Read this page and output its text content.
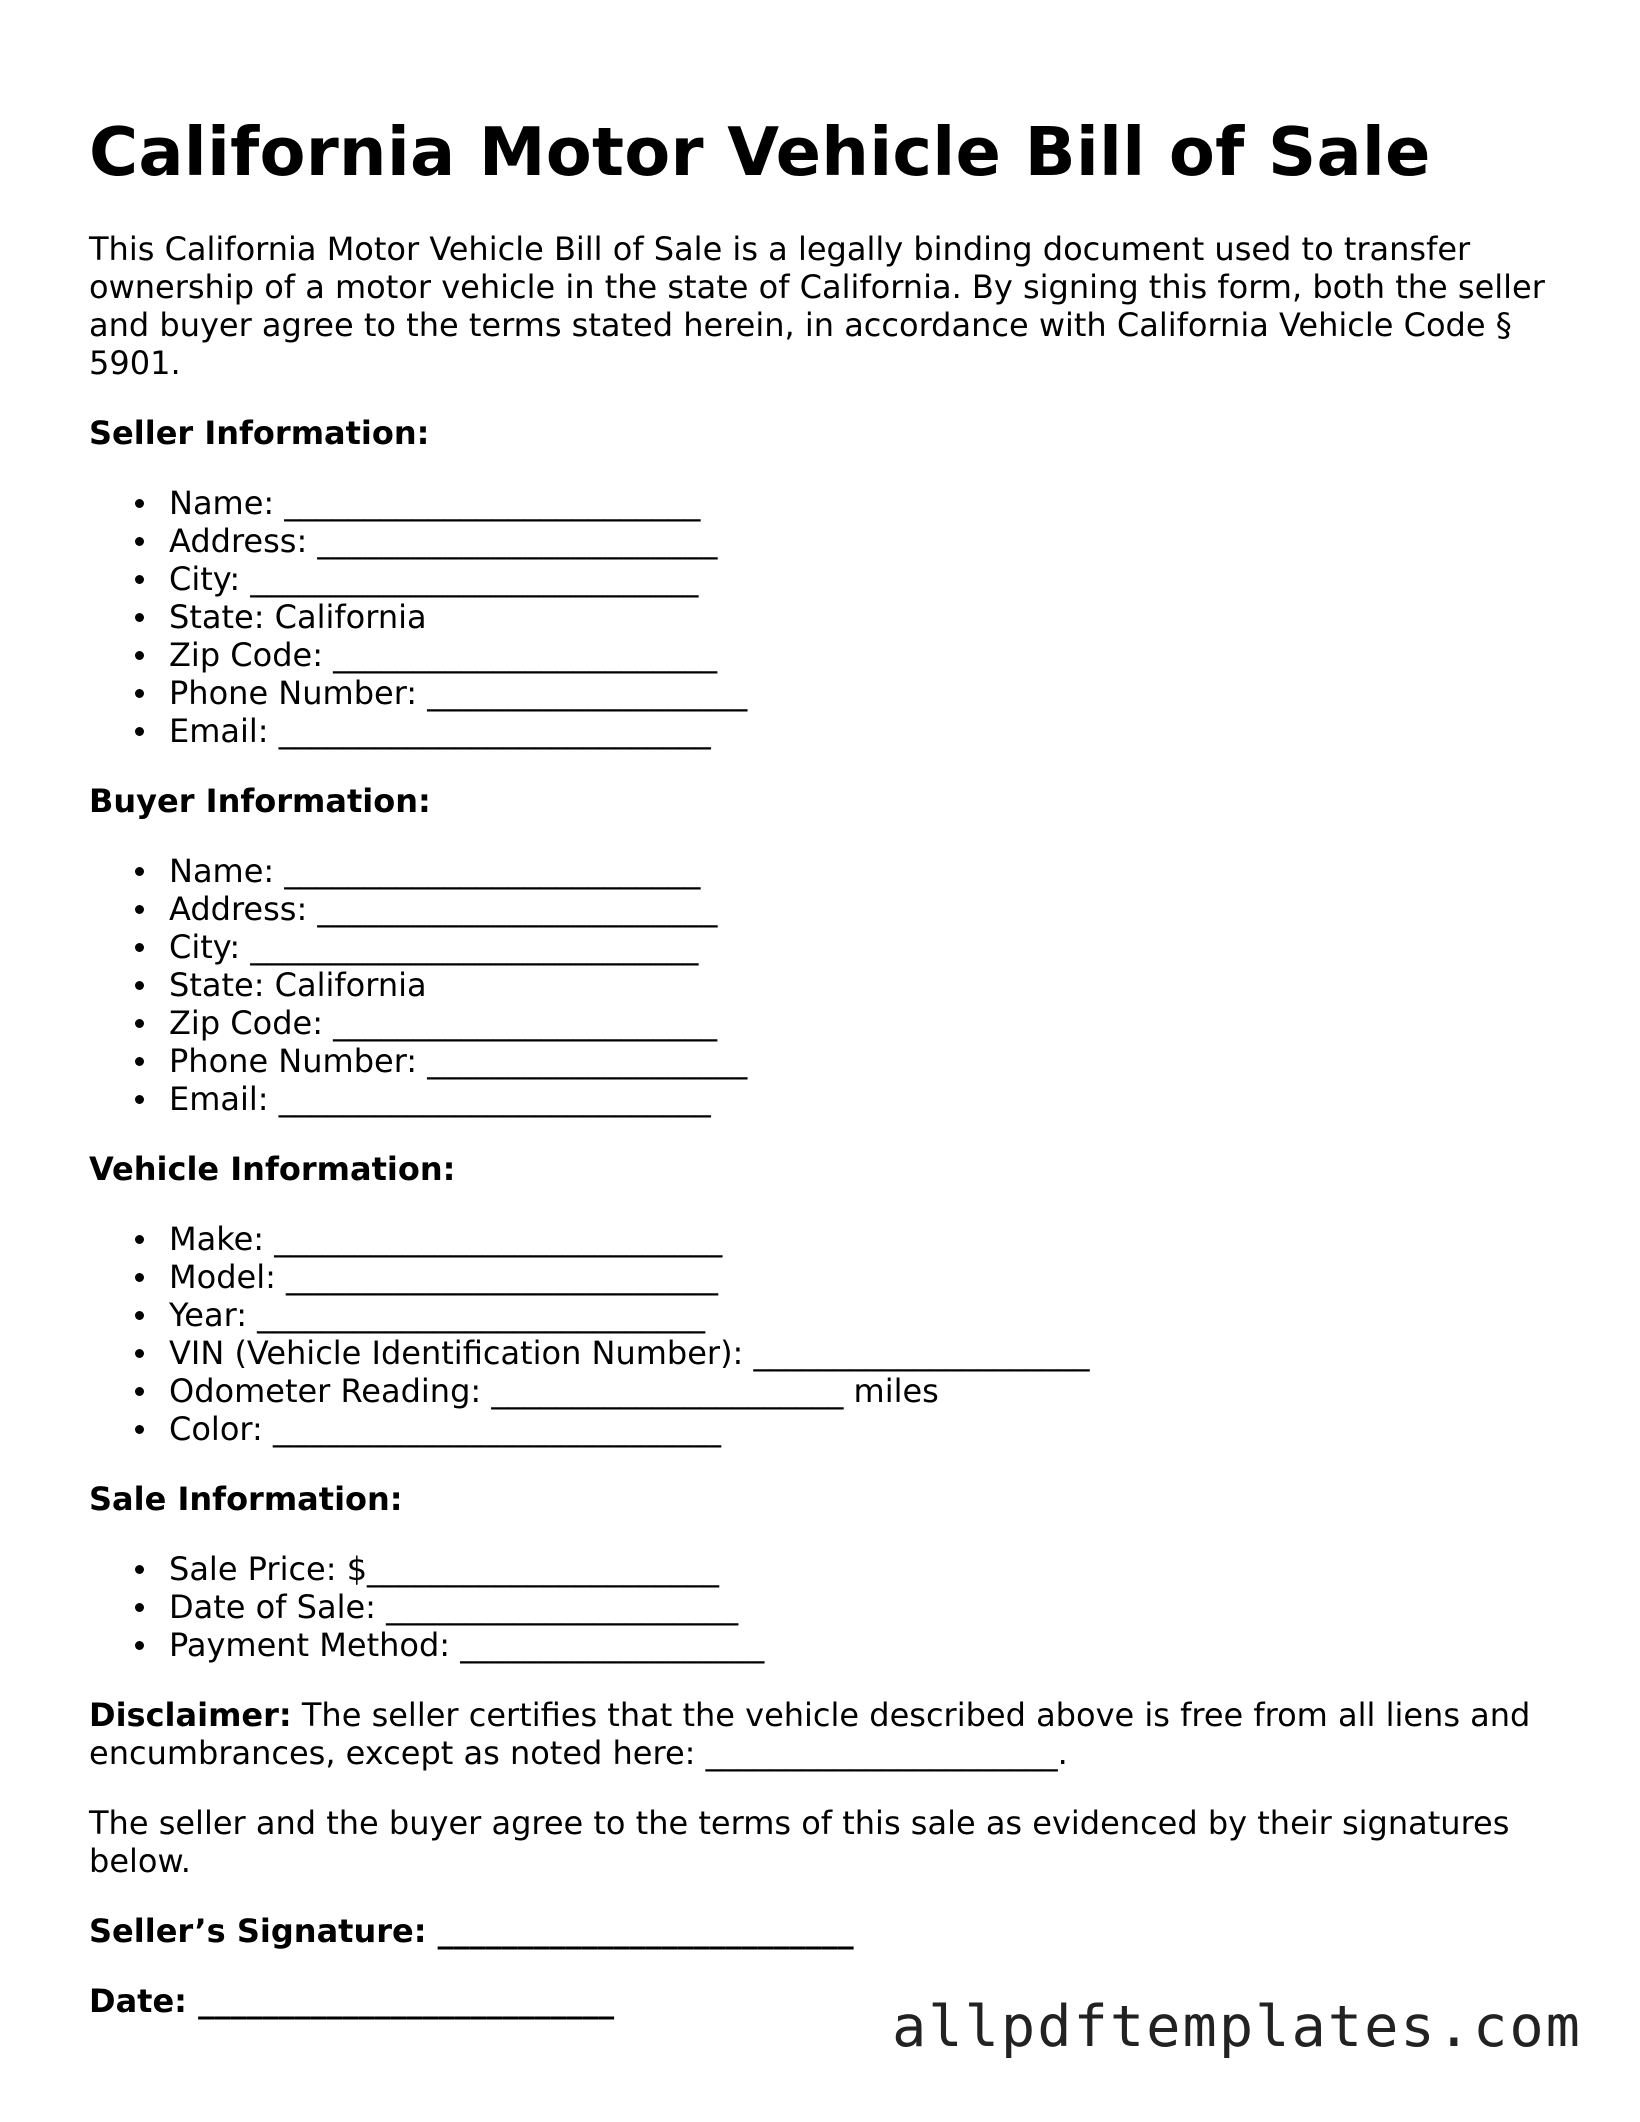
California Motor Vehicle Bill of Sale

This California Motor Vehicle Bill of Sale is a legally binding document used to transfer ownership of a motor vehicle in the state of California. By signing this form, both the seller and buyer agree to the terms stated herein, in accordance with California Vehicle Code § 5901.

Seller Information:
Name: __________________________
Address: _________________________
City: ____________________________
State: California
Zip Code: ________________________
Phone Number: ____________________
Email: ___________________________
Buyer Information:
Name: __________________________
Address: _________________________
City: ____________________________
State: California
Zip Code: ________________________
Phone Number: ____________________
Email: ___________________________
Vehicle Information:
Make: ____________________________
Model: ___________________________
Year: ____________________________
VIN (Vehicle Identification Number): _____________________
Odometer Reading: ______________________ miles
Color: ____________________________
Sale Information:
Sale Price: $______________________
Date of Sale: ______________________
Payment Method: ___________________

Disclaimer: The seller certifies that the vehicle described above is free from all liens and encumbrances, except as noted here: ______________________.

The seller and the buyer agree to the terms of this sale as evidenced by their signatures below.

Seller’s Signature: __________________________
Date: __________________________	allpdftemplates.com
